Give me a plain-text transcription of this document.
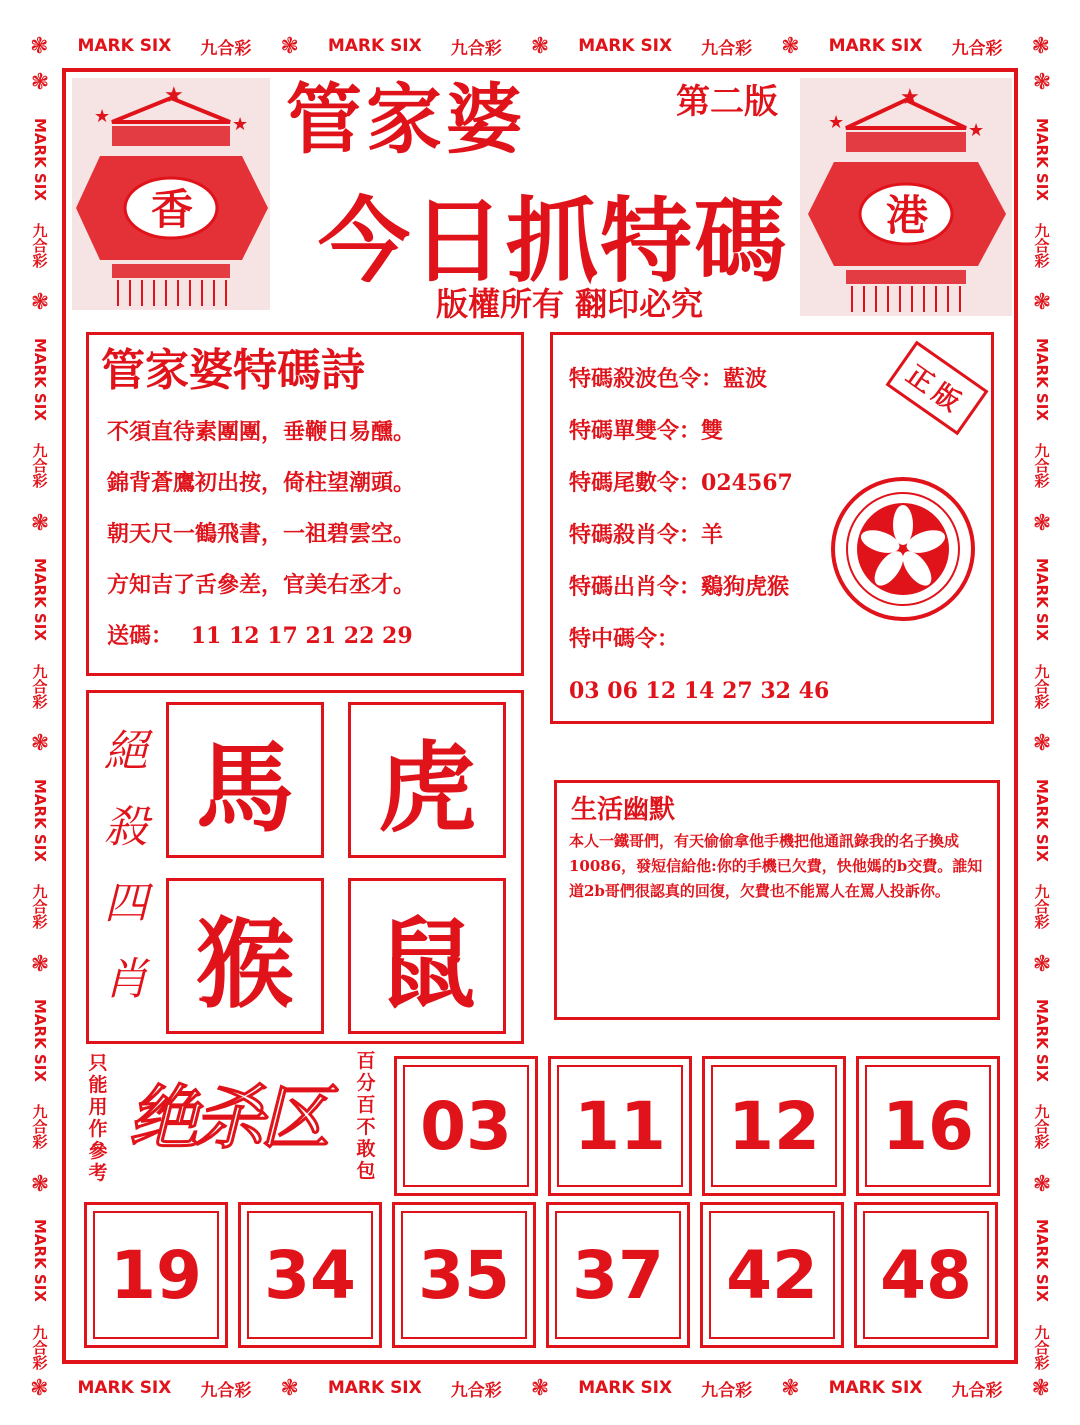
❃ MARK SIX 九合彩 ❃ MARK SIX 九合彩 ❃ MARK SIX 九合彩 ❃ MARK SIX 九合彩 ❃
❃ MARK SIX 九合彩 ❃ MARK SIX 九合彩 ❃ MARK SIX 九合彩 ❃ MARK SIX 九合彩 ❃
❃
MARK SIX
九合彩
❃
MARK SIX
九合彩
❃
MARK SIX
九合彩
❃
MARK SIX
九合彩
❃
MARK SIX
九合彩
❃
MARK SIX
九合彩
❃
MARK SIX
九合彩
❃
MARK SIX
九合彩
❃
MARK SIX
九合彩
❃
MARK SIX
九合彩
❃
MARK SIX
九合彩
❃
MARK SIX
九合彩
★
★	★
香
★
★	★
港
管家婆	第二版
今日抓特碼
版權所有 翻印必究
管家婆特碼詩
不須直待素團團，垂鞭日易醺。
錦背蒼鷹初出按，倚柱望潮頭。
朝天尺一鶴飛書，一祖碧雲空。
方知吉了舌參差，官美右丞才。
送碼： 11 12 17 21 22 29
特碼殺波色令：藍波
特碼單雙令：雙
特碼尾數令：024567
特碼殺肖令：羊
特碼出肖令：鷄狗虎猴
特中碼令：
03 06 12 14 27 32 46
正版
絕
殺
四
肖
馬 虎
猴 鼠
生活幽默
本人一鐵哥們，有天偷偷拿他手機把他通訊錄我的名子換成10086，發短信給他:你的手機已欠費，快他媽的b交費。誰知道2b哥們很認真的回復，欠費也不能罵人在罵人投訴你。
只
能
用
作
參
考
绝杀区
百
分
百
不
敢
包
03 11 12 16
19 34 35 37 42 48
